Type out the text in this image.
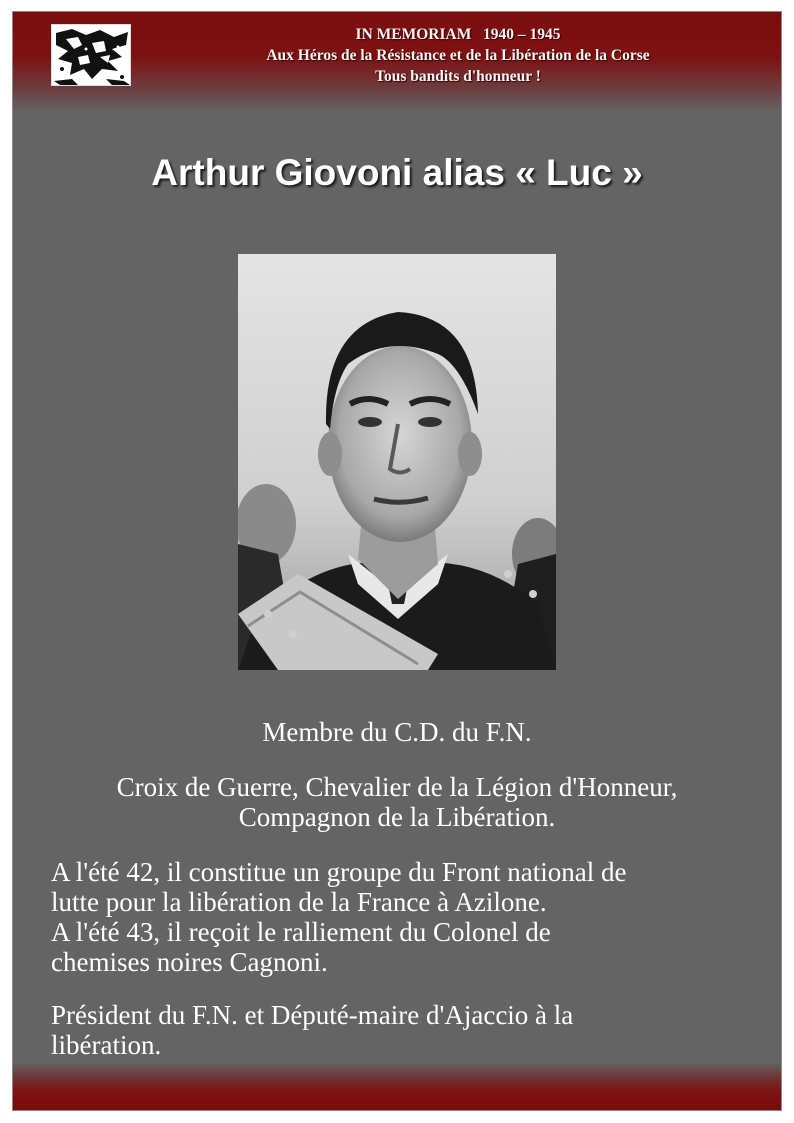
IN MEMORIAM 1940 – 1945
Aux Héros de la Résistance et de la Libération de la Corse
Tous bandits d'honneur !
Arthur Giovoni alias « Luc »
Membre du C.D. du F.N.
Croix de Guerre, Chevalier de la Légion d'Honneur,
Compagnon de la Libération.
A l'été 42, il constitue un groupe du Front national de
lutte pour la libération de la France à Azilone.
A l'été 43, il reçoit le ralliement du Colonel de
chemises noires Cagnoni.
Président du F.N. et Député-maire d'Ajaccio à la
libération.
